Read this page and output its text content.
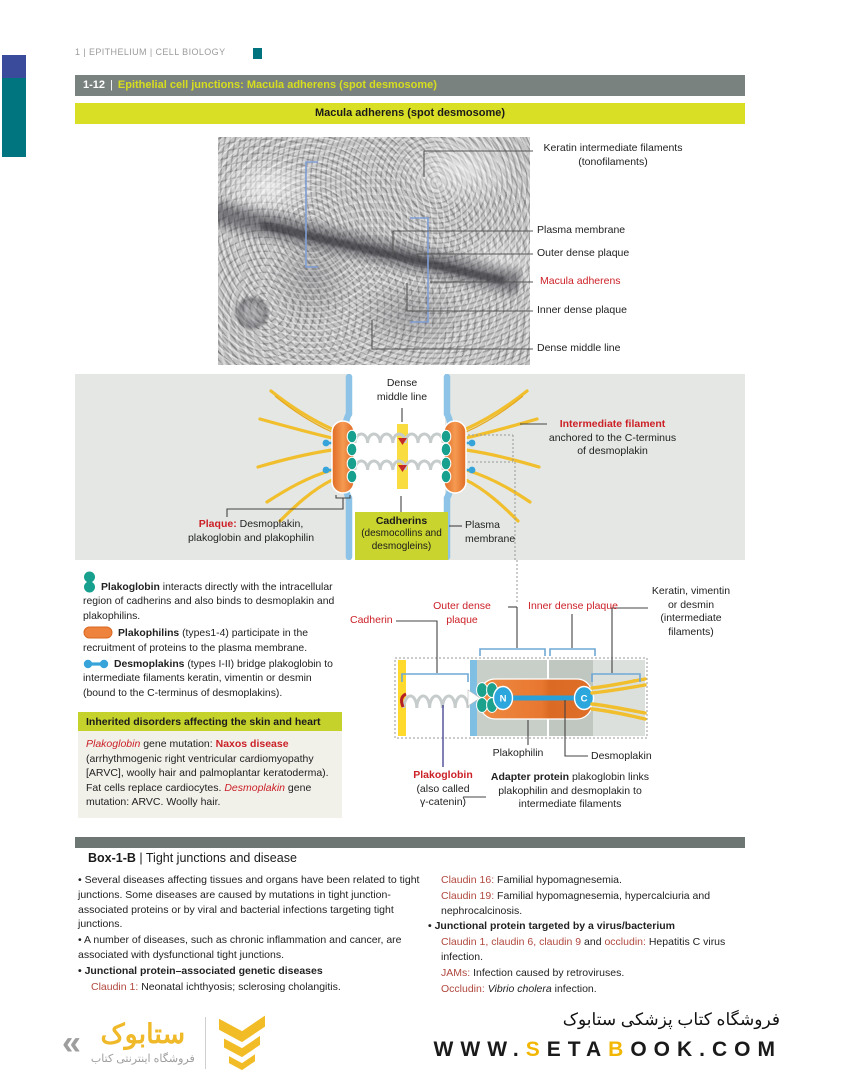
1 | EPITHELIUM | CELL BIOLOGY
1-12 | Epithelial cell junctions: Macula adherens (spot desmosome)
Macula adherens (spot desmosome)
Keratin intermediate filaments
(tonofilaments)
Plasma membrane
Outer dense plaque
Macula adherens
Inner dense plaque
Dense middle line
Dense
middle line
Intermediate filament
anchored to the C-terminus
of desmoplakin
Plaque: Desmoplakin,
plakoglobin and plakophilin
Cadherins
(desmocollins and
desmogleins)
Plasma
membrane

Plakoglobin interacts directly with the intracellular region of cadherins and also binds to desmoplakin and plakophilins.

Plakophilins (types1-4) participate in the recruitment of proteins to the plasma membrane.

Desmoplakins (types I-II) bridge plakoglobin to intermediate filaments keratin, vimentin or desmin (bound to the C-terminus of desmoplakins).

Inherited disorders affecting the skin and heart
Plakoglobin gene mutation: Naxos disease (arrhythmogenic right ventricular cardiomyopathy [ARVC], woolly hair and palmoplantar keratoderma). Fat cells replace cardiocytes. Desmoplakin gene mutation: ARVC. Woolly hair.
N	C
Cadherin
Outer dense plaque
Inner dense plaque
Keratin, vimentin
or desmin
(intermediate
filaments)
Plakophilin	Desmoplakin
Plakoglobin
(also called
γ-catenin)
Adapter protein plakoglobin links
plakophilin and desmoplakin to
intermediate filaments
Box-1-B | Tight junctions and disease

• Several diseases affecting tissues and organs have been related to tight junctions. Some diseases are caused by mutations in tight junction-associated proteins or by viral and bacterial infections targeting tight junctions.

• A number of diseases, such as chronic inflammation and cancer, are associated with dysfunctional tight junctions.

• Junctional protein–associated genetic diseases

Claudin 1: Neonatal ichthyosis; sclerosing cholangitis.

Claudin 16: Familial hypomagnesemia.

Claudin 19: Familial hypomagnesemia, hypercalciuria and nephrocalcinosis.

• Junctional protein targeted by a virus/bacterium

Claudin 1, claudin 6, claudin 9 and occludin: Hepatitis C virus infection.

JAMs: Infection caused by retroviruses.

Occludin: Vibrio cholera infection.

« ستابوک
فروشگاه اینترنتی کتاب
فروشگاه کتاب پزشکی ستابوک
WWW.SETABOOK.COM
